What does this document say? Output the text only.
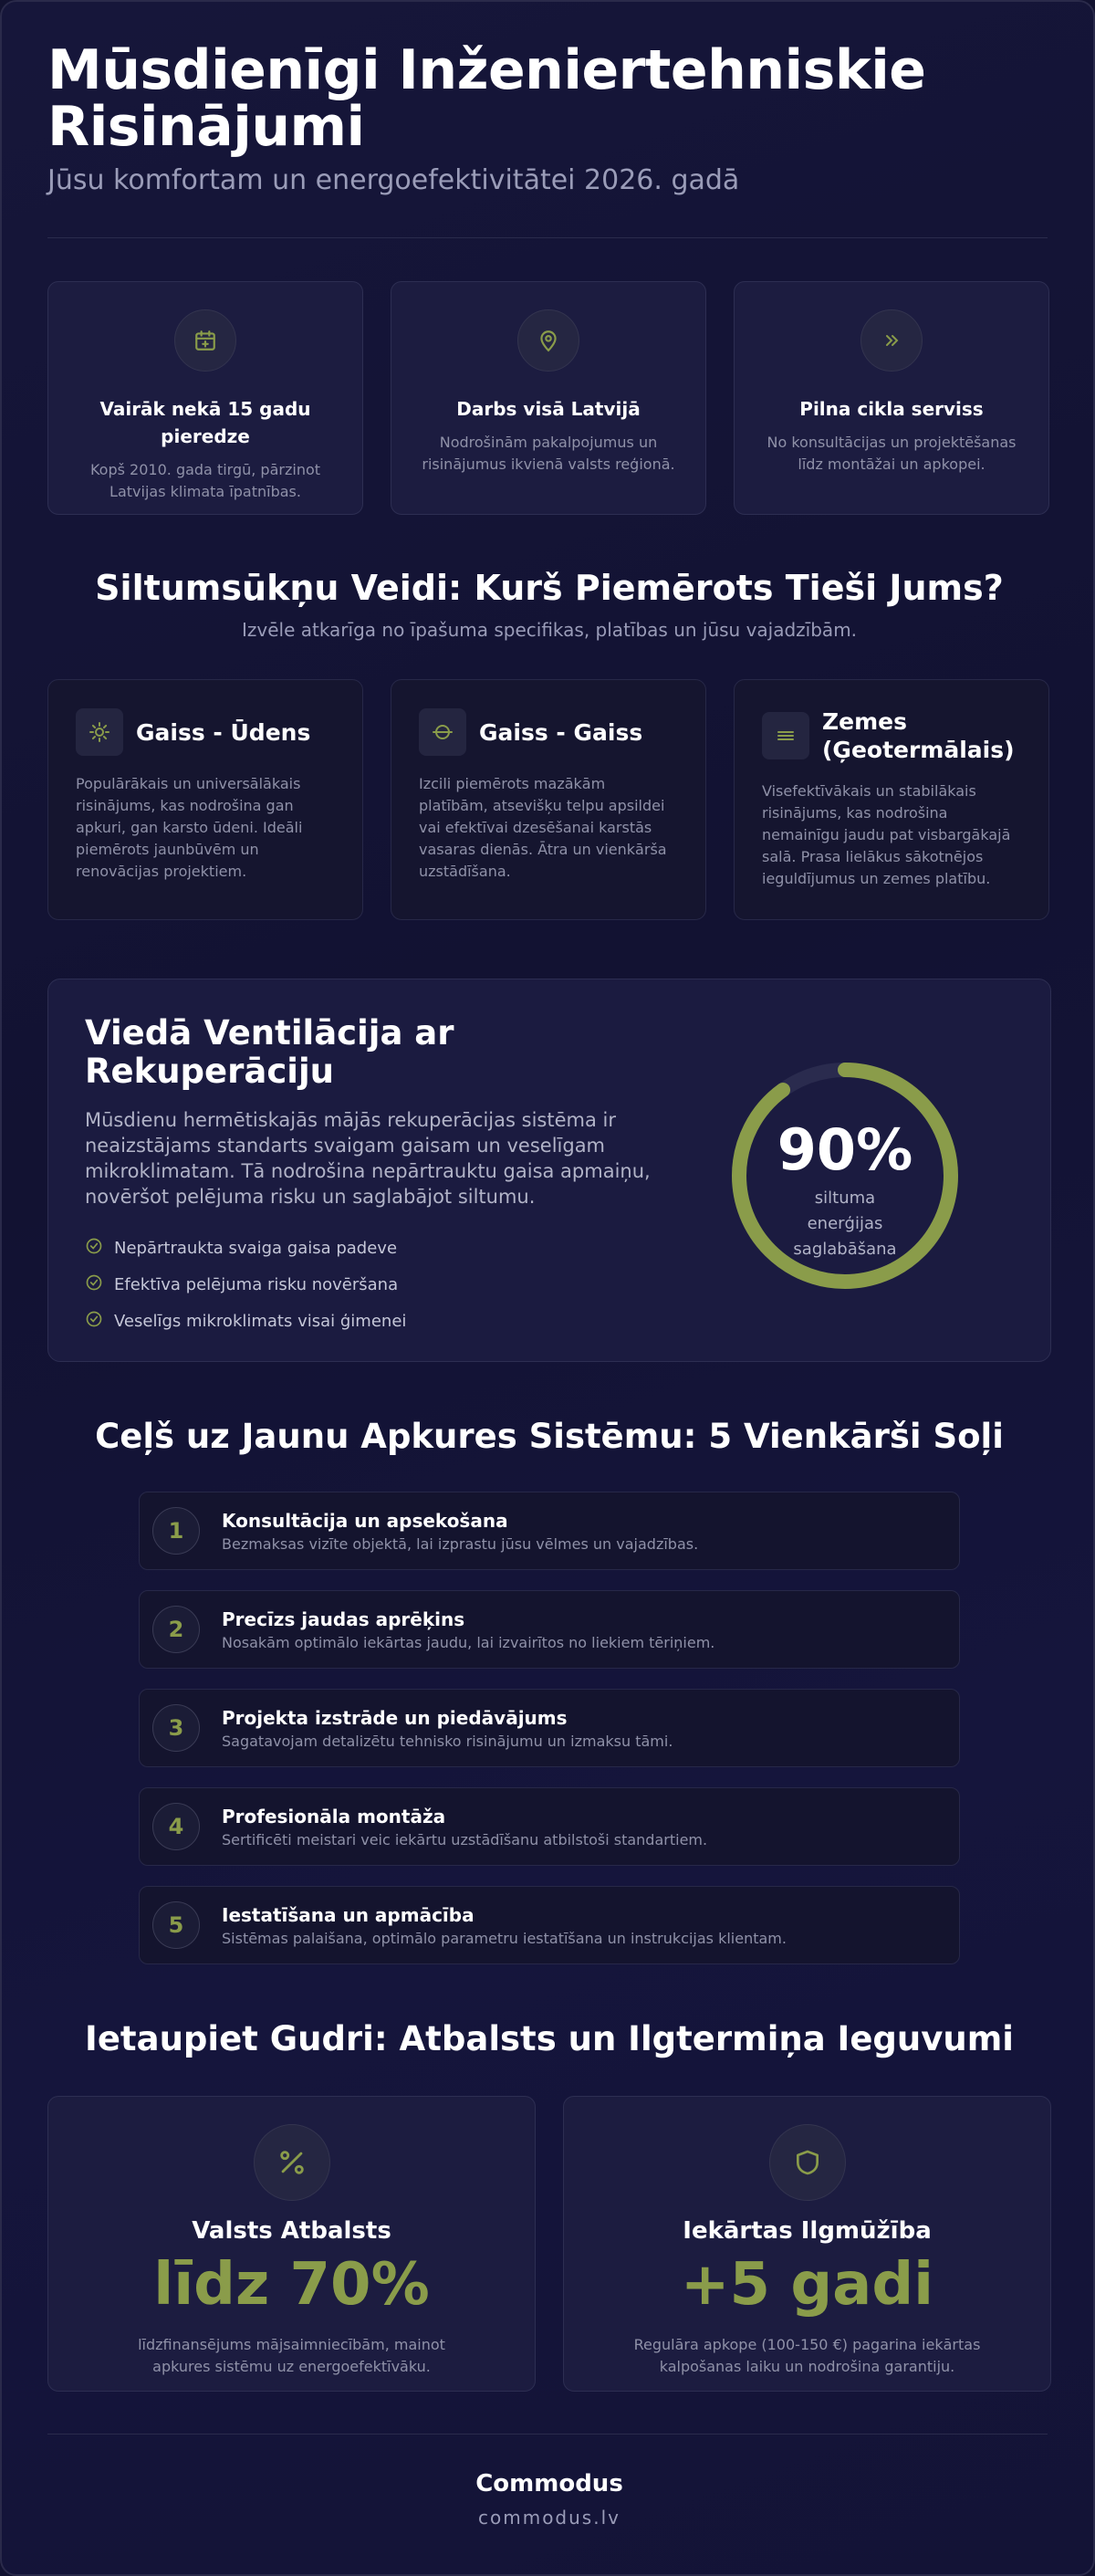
Mūsdienīgi Inženiertehniskie Risinājumi
Jūsu komfortam un energoefektivitātei 2026. gadā
Vairāk nekā 15 gadu pieredze
Kopš 2010. gada tirgū, pārzinot Latvijas klimata īpatnības.
Darbs visā Latvijā
Nodrošinām pakalpojumus un risinājumus ikvienā valsts reģionā.
Pilna cikla serviss
No konsultācijas un projektēšanas līdz montāžai un apkopei.
Siltumsūkņu Veidi: Kurš Piemērots Tieši Jums?
Izvēle atkarīga no īpašuma specifikas, platības un jūsu vajadzībām.
Gaiss - Ūdens
Populārākais un universālākais risinājums, kas nodrošina gan apkuri, gan karsto ūdeni. Ideāli piemērots jaunbūvēm un renovācijas projektiem.
Gaiss - Gaiss
Izcili piemērots mazākām platībām, atsevišķu telpu apsildei vai efektīvai dzesēšanai karstās vasaras dienās. Ātra un vienkārša uzstādīšana.
Zemes (Ģeotermālais)
Visefektīvākais un stabilākais risinājums, kas nodrošina nemainīgu jaudu pat visbargākajā salā. Prasa lielākus sākotnējos ieguldījumus un zemes platību.
Viedā Ventilācija ar Rekuperāciju

Mūsdienu hermētiskajās mājās rekuperācijas sistēma ir neaizstājams standarts svaigam gaisam un veselīgam mikroklimatam. Tā nodrošina nepārtrauktu gaisa apmaiņu, novēršot pelējuma risku un saglabājot siltumu.

Nepārtraukta svaiga gaisa padeve
Efektīva pelējuma risku novēršana
Veselīgs mikroklimats visai ģimenei
90%
siltuma enerģijas saglabāšana
Ceļš uz Jaunu Apkures Sistēmu: 5 Vienkārši Soļi
1	Konsultācija un apsekošana
Bezmaksas vizīte objektā, lai izprastu jūsu vēlmes un vajadzības.
2	Precīzs jaudas aprēķins
Nosakām optimālo iekārtas jaudu, lai izvairītos no liekiem tēriņiem.
3	Projekta izstrāde un piedāvājums
Sagatavojam detalizētu tehnisko risinājumu un izmaksu tāmi.
4	Profesionāla montāža
Sertificēti meistari veic iekārtu uzstādīšanu atbilstoši standartiem.
5	Iestatīšana un apmācība
Sistēmas palaišana, optimālo parametru iestatīšana un instrukcijas klientam.
Ietaupiet Gudri: Atbalsts un Ilgtermiņa Ieguvumi
Valsts Atbalsts
līdz 70%
līdzfinansējums mājsaimniecībām, mainot apkures sistēmu uz energoefektīvāku.
Iekārtas Ilgmūžība
+5 gadi
Regulāra apkope (100-150 €) pagarina iekārtas kalpošanas laiku un nodrošina garantiju.
Commodus
commodus.lv
